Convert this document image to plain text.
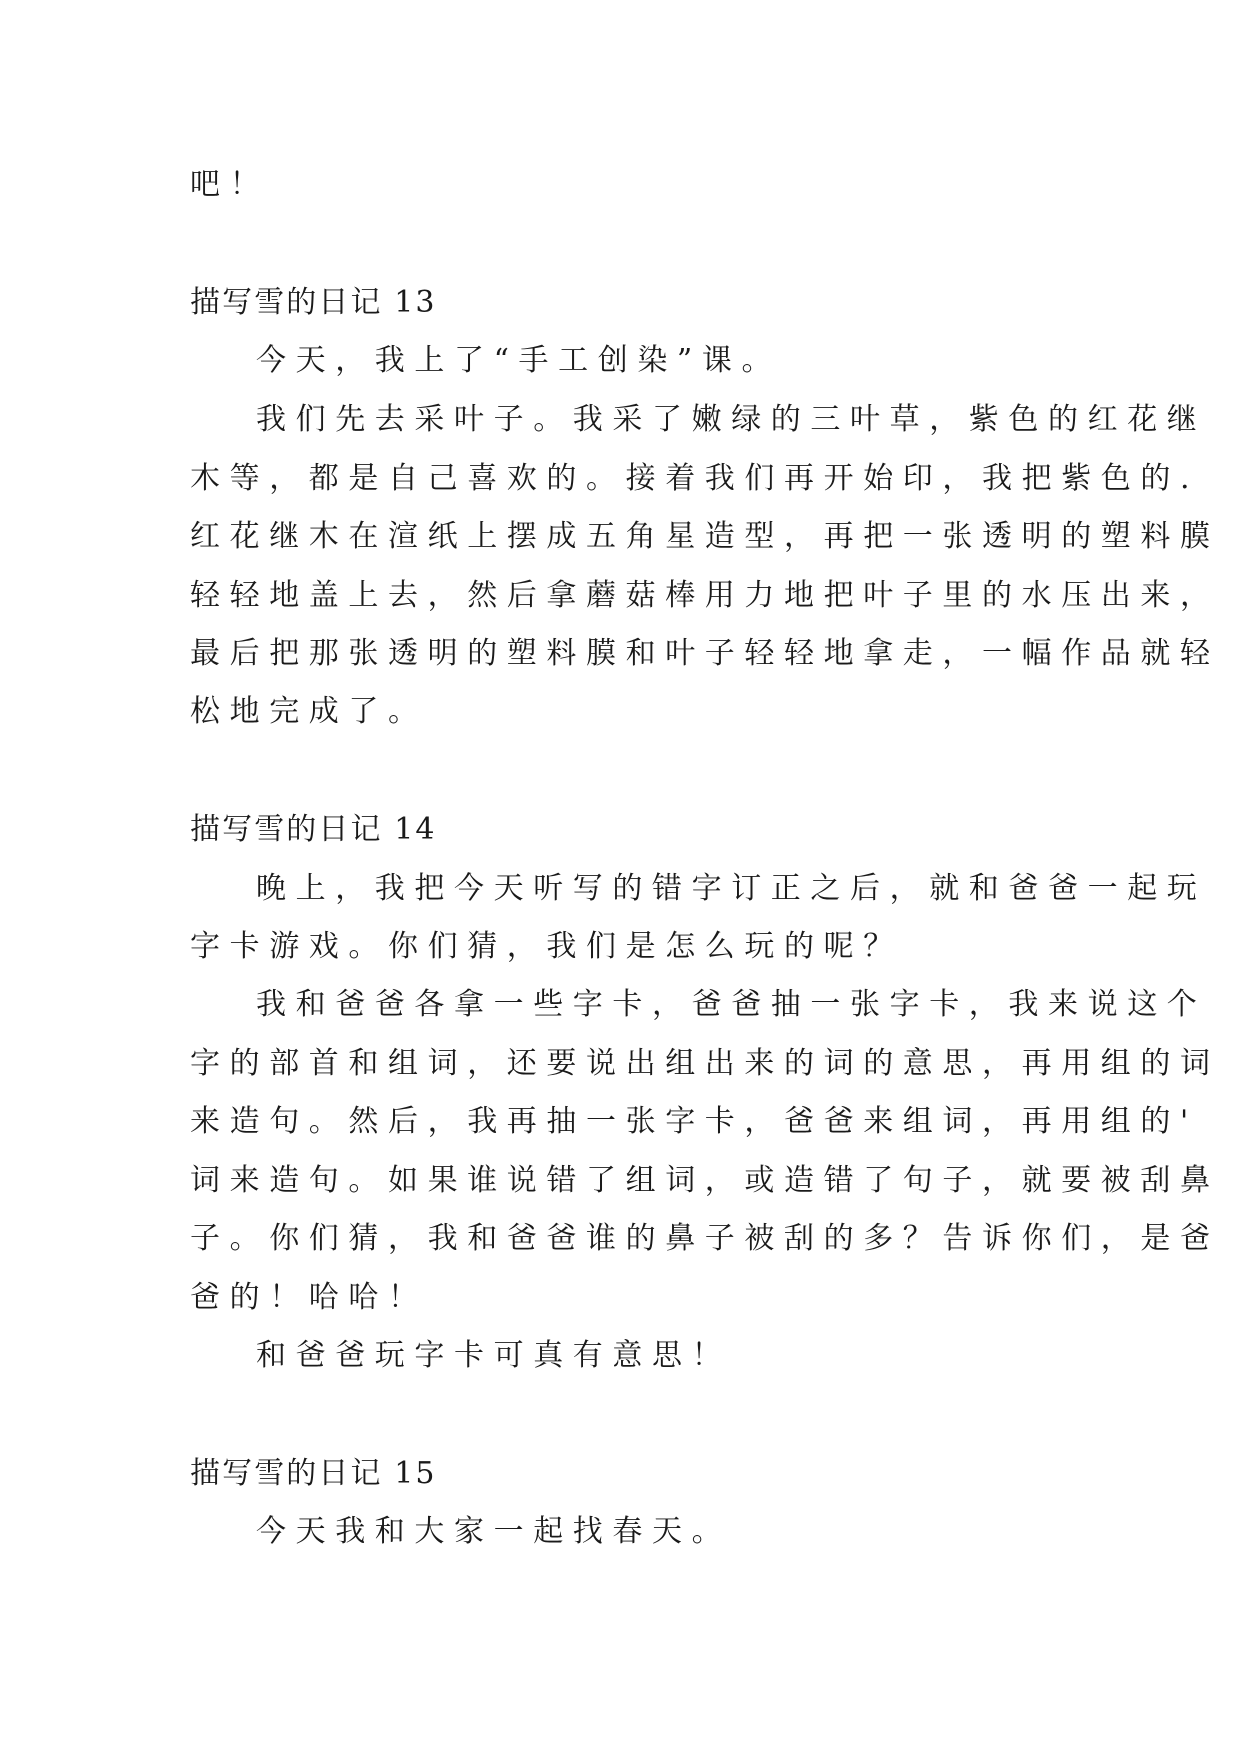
吧！
描写雪的日记 13
今天，我上了“手工创染”课。
我们先去采叶子。我采了嫩绿的三叶草，紫色的红花继
木等，都是自己喜欢的。接着我们再开始印，我把紫色的.
红花继木在渲纸上摆成五角星造型，再把一张透明的塑料膜
轻轻地盖上去，然后拿蘑菇棒用力地把叶子里的水压出来，
最后把那张透明的塑料膜和叶子轻轻地拿走，一幅作品就轻
松地完成了。
描写雪的日记 14
晚上，我把今天听写的错字订正之后，就和爸爸一起玩
字卡游戏。你们猜，我们是怎么玩的呢？
我和爸爸各拿一些字卡，爸爸抽一张字卡，我来说这个
字的部首和组词，还要说出组出来的词的意思，再用组的词
来造句。然后，我再抽一张字卡，爸爸来组词，再用组的'
词来造句。如果谁说错了组词，或造错了句子，就要被刮鼻
子。你们猜，我和爸爸谁的鼻子被刮的多？告诉你们，是爸
爸的！哈哈！
和爸爸玩字卡可真有意思！
描写雪的日记 15
今天我和大家一起找春天。
